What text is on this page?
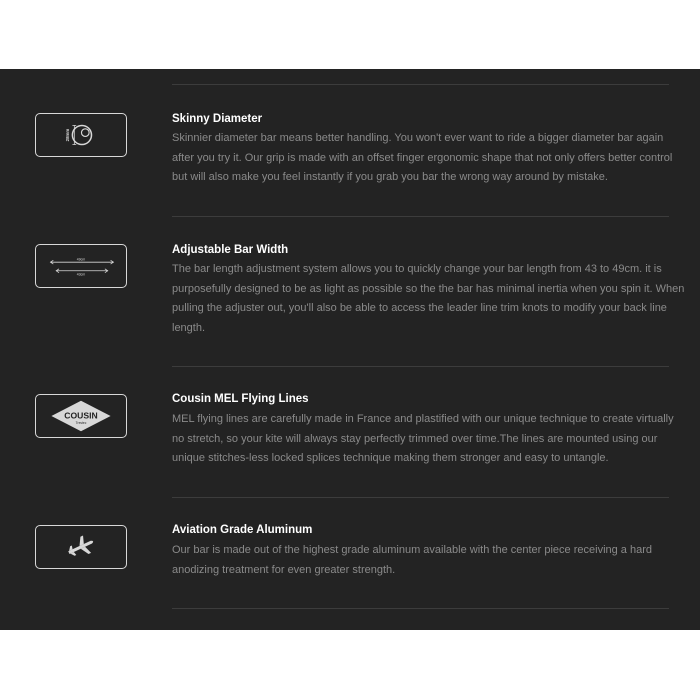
28mm
Skinny Diameter

Skinnier diameter bar means better handling. You won't ever want to ride a bigger diameter bar again after you try it. Our grip is made with an offset finger ergonomic shape that not only offers better control but will also make you feel instantly if you grab you bar the wrong way around by mistake.

49cm
43cm
Adjustable Bar Width

The bar length adjustment system allows you to quickly change your bar length from 43 to 49cm. it is purposefully designed to be as light as possible so the the bar has minimal inertia when you spin it. When pulling the adjuster out, you'll also be able to access the leader line trim knots to modify your back line length.

COUSIN
Trestec
Cousin MEL Flying Lines

MEL flying lines are carefully made in France and plastified with our unique technique to create virtually no stretch, so your kite will always stay perfectly trimmed over time.The lines are mounted using our unique stitches-less locked splices technique making them stronger and easy to untangle.

Aviation Grade Aluminum

Our bar is made out of the highest grade aluminum available with the center piece receiving a hard anodizing treatment for even greater strength.
